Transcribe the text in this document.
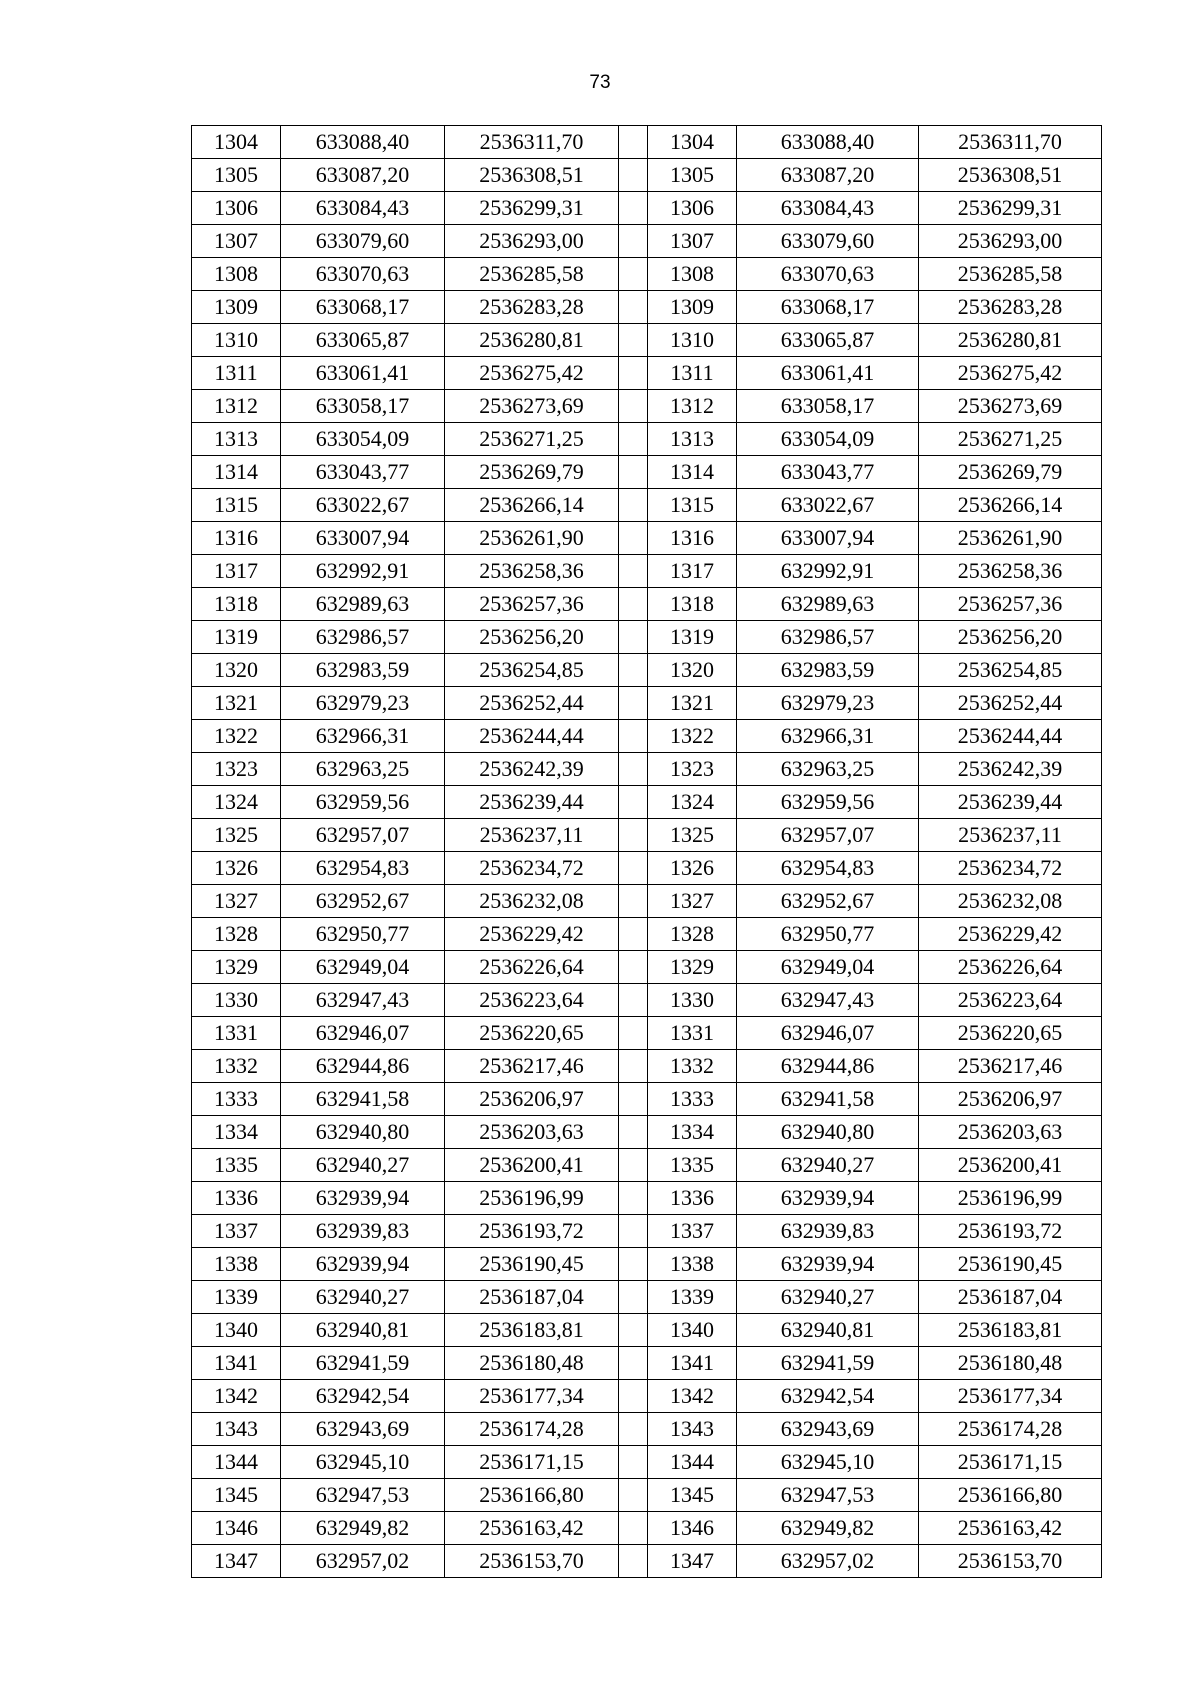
73
1304	633088,40	2536311,70		1304	633088,40	2536311,70
1305	633087,20	2536308,51		1305	633087,20	2536308,51
1306	633084,43	2536299,31		1306	633084,43	2536299,31
1307	633079,60	2536293,00		1307	633079,60	2536293,00
1308	633070,63	2536285,58		1308	633070,63	2536285,58
1309	633068,17	2536283,28		1309	633068,17	2536283,28
1310	633065,87	2536280,81		1310	633065,87	2536280,81
1311	633061,41	2536275,42		1311	633061,41	2536275,42
1312	633058,17	2536273,69		1312	633058,17	2536273,69
1313	633054,09	2536271,25		1313	633054,09	2536271,25
1314	633043,77	2536269,79		1314	633043,77	2536269,79
1315	633022,67	2536266,14		1315	633022,67	2536266,14
1316	633007,94	2536261,90		1316	633007,94	2536261,90
1317	632992,91	2536258,36		1317	632992,91	2536258,36
1318	632989,63	2536257,36		1318	632989,63	2536257,36
1319	632986,57	2536256,20		1319	632986,57	2536256,20
1320	632983,59	2536254,85		1320	632983,59	2536254,85
1321	632979,23	2536252,44		1321	632979,23	2536252,44
1322	632966,31	2536244,44		1322	632966,31	2536244,44
1323	632963,25	2536242,39		1323	632963,25	2536242,39
1324	632959,56	2536239,44		1324	632959,56	2536239,44
1325	632957,07	2536237,11		1325	632957,07	2536237,11
1326	632954,83	2536234,72		1326	632954,83	2536234,72
1327	632952,67	2536232,08		1327	632952,67	2536232,08
1328	632950,77	2536229,42		1328	632950,77	2536229,42
1329	632949,04	2536226,64		1329	632949,04	2536226,64
1330	632947,43	2536223,64		1330	632947,43	2536223,64
1331	632946,07	2536220,65		1331	632946,07	2536220,65
1332	632944,86	2536217,46		1332	632944,86	2536217,46
1333	632941,58	2536206,97		1333	632941,58	2536206,97
1334	632940,80	2536203,63		1334	632940,80	2536203,63
1335	632940,27	2536200,41		1335	632940,27	2536200,41
1336	632939,94	2536196,99		1336	632939,94	2536196,99
1337	632939,83	2536193,72		1337	632939,83	2536193,72
1338	632939,94	2536190,45		1338	632939,94	2536190,45
1339	632940,27	2536187,04		1339	632940,27	2536187,04
1340	632940,81	2536183,81		1340	632940,81	2536183,81
1341	632941,59	2536180,48		1341	632941,59	2536180,48
1342	632942,54	2536177,34		1342	632942,54	2536177,34
1343	632943,69	2536174,28		1343	632943,69	2536174,28
1344	632945,10	2536171,15		1344	632945,10	2536171,15
1345	632947,53	2536166,80		1345	632947,53	2536166,80
1346	632949,82	2536163,42		1346	632949,82	2536163,42
1347	632957,02	2536153,70		1347	632957,02	2536153,70
